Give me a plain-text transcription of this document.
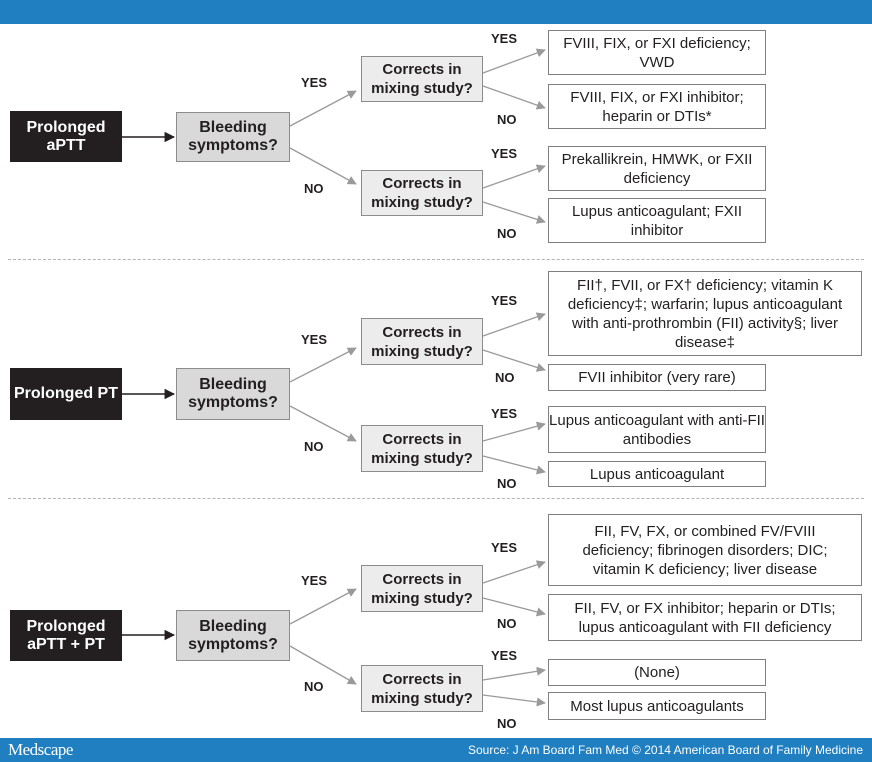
Prolonged aPTT
Bleeding symptoms?
YES
NO
Corrects in mixing study?
YES
NO
FVIII, FIX, or FXI deficiency; VWD
FVIII, FIX, or FXI inhibitor; heparin or DTIs*
Corrects in mixing study?
YES
NO
Prekallikrein, HMWK, or FXII deficiency
Lupus anticoagulant; FXII inhibitor
Prolonged PT
Bleeding symptoms?
YES
NO
Corrects in mixing study?
YES
NO
FII†, FVII, or FX† deficiency; vitamin K deficiency‡; warfarin; lupus anticoagulant with anti-prothrombin (FII) activity§; liver disease‡
FVII inhibitor (very rare)
Corrects in mixing study?
YES
NO
Lupus anticoagulant with anti-FII antibodies
Lupus anticoagulant
Prolonged aPTT + PT
Bleeding symptoms?
YES
NO
Corrects in mixing study?
YES
NO
FII, FV, FX, or combined FV/FVIII deficiency; fibrinogen disorders; DIC; vitamin K deficiency; liver disease
FII, FV, or FX inhibitor; heparin or DTIs; lupus anticoagulant with FII deficiency
Corrects in mixing study?
YES
NO
(None)
Most lupus anticoagulants
Medscape	Source: J Am Board Fam Med © 2014 American Board of Family Medicine
